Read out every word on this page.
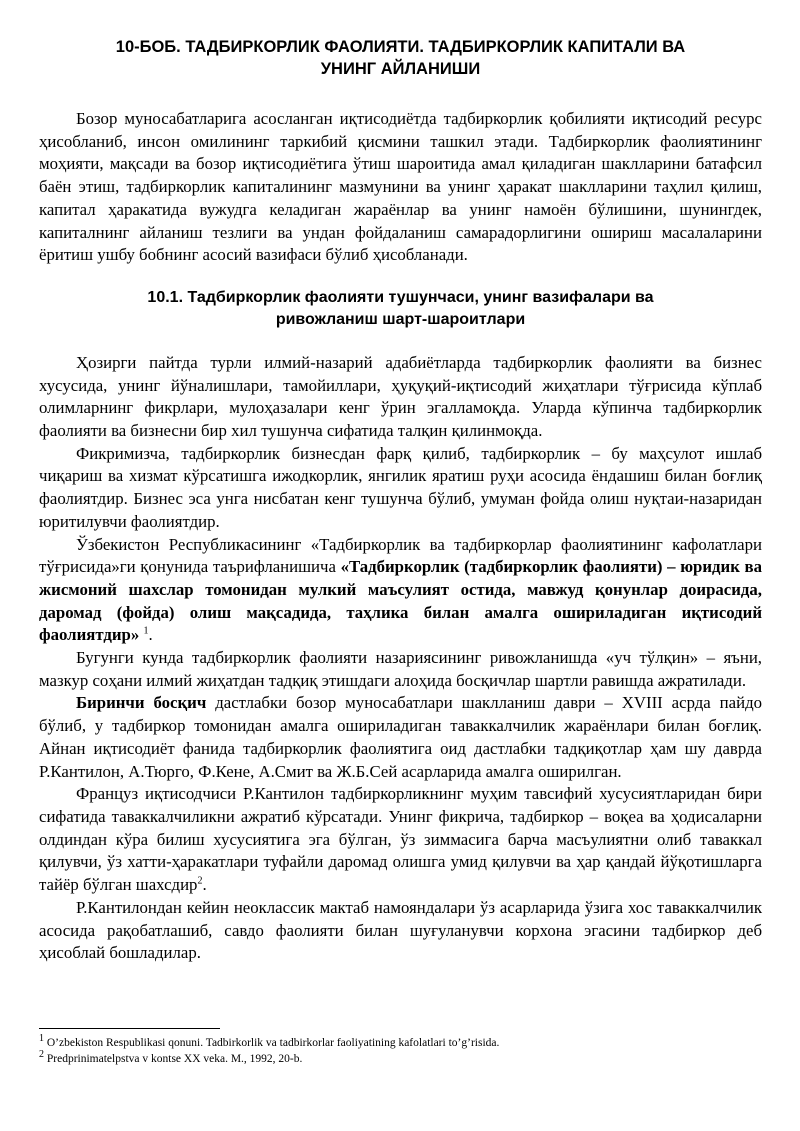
10-БОБ. ТАДБИРКОРЛИК ФАОЛИЯТИ. ТАДБИРКОРЛИК КАПИТАЛИ ВА
УНИНГ АЙЛАНИШИ

Бозор муносабатларига асосланган иқтисодиётда тадбиркорлик қобилияти иқтисодий ресурс ҳисобланиб, инсон омилининг таркибий қисмини ташкил этади. Тадбиркорлик фаолиятининг моҳияти, мақсади ва бозор иқтисодиётига ўтиш шароитида амал қиладиган шаклларини батафсил баён этиш, тадбиркорлик капиталининг мазмунини ва унинг ҳаракат шаклларини таҳлил қилиш, капитал ҳаракатида вужудга келадиган жараёнлар ва унинг намоён бўлишини, шунингдек, капиталнинг айланиш тезлиги ва ундан фойдаланиш самарадорлигини ошириш масалаларини ёритиш ушбу бобнинг асосий вазифаси бўлиб ҳисобланади.

10.1. Тадбиркорлик фаолияти тушунчаси, унинг вазифалари ва
ривожланиш шарт-шароитлари

Ҳозирги пайтда турли илмий-назарий адабиётларда тадбиркорлик фаолияти ва бизнес хусусида, унинг йўналишлари, тамойиллари, ҳуқуқий-иқтисодий жиҳатлари тўғрисида кўплаб олимларнинг фикрлари, мулоҳазалари кенг ўрин эгалламоқда. Уларда кўпинча тадбиркорлик фаолияти ва бизнесни бир хил тушунча сифатида талқин қилинмоқда.

Фикримизча, тадбиркорлик бизнесдан фарқ қилиб, тадбиркорлик – бу маҳсулот ишлаб чиқариш ва хизмат кўрсатишга ижодкорлик, янгилик яратиш руҳи асосида ёндашиш билан боғлиқ фаолиятдир. Бизнес эса унга нисбатан кенг тушунча бўлиб, умуман фойда олиш нуқтаи-назаридан юритилувчи фаолиятдир.

Ўзбекистон Республикасининг «Тадбиркорлик ва тадбиркорлар фаолиятининг кафолатлари тўғрисида»ги қонунида таърифланишича «Тадбиркорлик (тадбиркорлик фаолияти) – юридик ва жисмоний шахслар томонидан мулкий маъсулият остида, мавжуд қонунлар доирасида, даромад (фойда) олиш мақсадида, таҳлика билан амалга ошириладиган иқтисодий фаолиятдир» $^1$.

Бугунги кунда тадбиркорлик фаолияти назариясининг ривожланишда «уч тўлқин» – яъни, мазкур соҳани илмий жиҳатдан тадқиқ этишдаги алоҳида босқичлар шартли равишда ажратилади.

Биринчи босқич дастлабки бозор муносабатлари шаклланиш даври – XVIII асрда пайдо бўлиб, у тадбиркор томонидан амалга ошириладиган таваккалчилик жараёнлари билан боғлиқ. Айнан иқтисодиёт фанида тадбиркорлик фаолиятига оид дастлабки тадқиқотлар ҳам шу даврда Р.Кантилон, А.Тюрго, Ф.Кене, А.Смит ва Ж.Б.Сей асарларида амалга оширилган.

Француз иқтисодчиси Р.Кантилон тадбиркорликнинг муҳим тавсифий хусусиятларидан бири сифатида таваккалчиликни ажратиб кўрсатади. Унинг фикрича, тадбиркор – воқеа ва ҳодисаларни олдиндан кўра билиш хусусиятига эга бўлган, ўз зиммасига барча масъулиятни олиб таваккал қилувчи, ўз хатти-ҳаракатлари туфайли даромад олишга умид қилувчи ва ҳар қандай йўқотишларга тайёр бўлган шахсдир$^2$.

Р.Кантилондан кейин неоклассик мактаб намояндалари ўз асарларида ўзига хос таваккалчилик асосида рақобатлашиб, савдо фаолияти билан шуғуланувчи корхона эгасини тадбиркор деб ҳисоблай бошладилар.

$^1$ O’zbekiston Respublikasi qonuni. Tadbirkorlik va tadbirkorlar faoliyatining kafolatlari to’g’risida.
$^2$ Predprinimatelpstva v kontse XX veka. M., 1992, 20-b.
